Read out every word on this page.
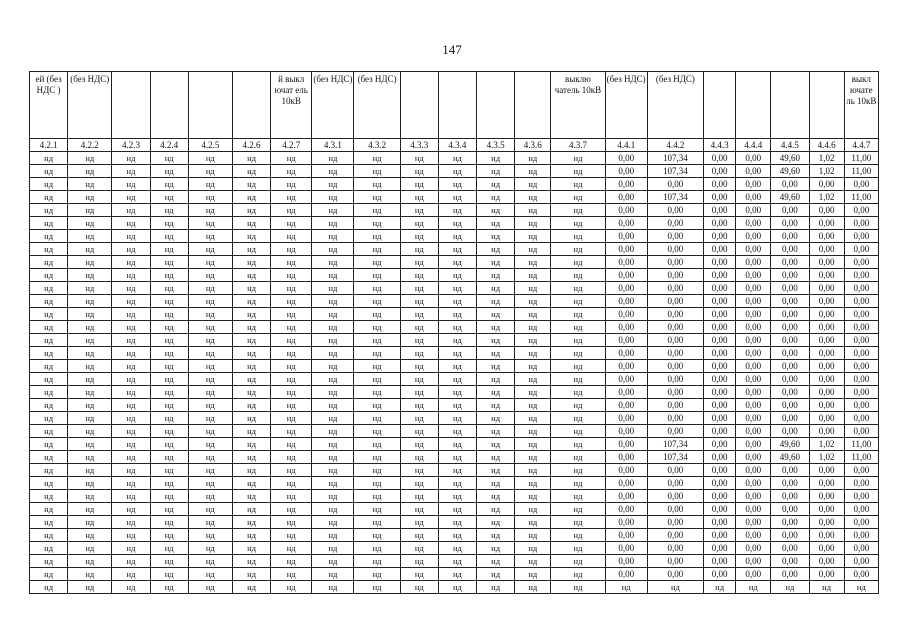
147
ей (без НДС )	(без НДС)					й выкл ючат ель 10кВ	(без НДС)	(без НДС)					выклю чатель 10кВ	(без НДС)	(без НДС)					выкл ючате ль 10кВ
4.2.1	4.2.2	4.2.3	4.2.4	4.2.5	4.2.6	4.2.7	4.3.1	4.3.2	4.3.3	4.3.4	4.3.5	4.3.6	4.3.7	4.4.1	4.4.2	4.4.3	4.4.4	4.4.5	4.4.6	4.4.7
нд	нд	нд	нд	нд	нд	нд	нд	нд	нд	нд	нд	нд	нд	0,00	107,34	0,00	0,00	49,60	1,02	11,00
нд	нд	нд	нд	нд	нд	нд	нд	нд	нд	нд	нд	нд	нд	0,00	107,34	0,00	0,00	49,60	1,02	11,00
нд	нд	нд	нд	нд	нд	нд	нд	нд	нд	нд	нд	нд	нд	0,00	0,00	0,00	0,00	0,00	0,00	0,00
нд	нд	нд	нд	нд	нд	нд	нд	нд	нд	нд	нд	нд	нд	0,00	107,34	0,00	0,00	49,60	1,02	11,00
нд	нд	нд	нд	нд	нд	нд	нд	нд	нд	нд	нд	нд	нд	0,00	0,00	0,00	0,00	0,00	0,00	0,00
нд	нд	нд	нд	нд	нд	нд	нд	нд	нд	нд	нд	нд	нд	0,00	0,00	0,00	0,00	0,00	0,00	0,00
нд	нд	нд	нд	нд	нд	нд	нд	нд	нд	нд	нд	нд	нд	0,00	0,00	0,00	0,00	0,00	0,00	0,00
нд	нд	нд	нд	нд	нд	нд	нд	нд	нд	нд	нд	нд	нд	0,00	0,00	0,00	0,00	0,00	0,00	0,00
нд	нд	нд	нд	нд	нд	нд	нд	нд	нд	нд	нд	нд	нд	0,00	0,00	0,00	0,00	0,00	0,00	0,00
нд	нд	нд	нд	нд	нд	нд	нд	нд	нд	нд	нд	нд	нд	0,00	0,00	0,00	0,00	0,00	0,00	0,00
нд	нд	нд	нд	нд	нд	нд	нд	нд	нд	нд	нд	нд	нд	0,00	0,00	0,00	0,00	0,00	0,00	0,00
нд	нд	нд	нд	нд	нд	нд	нд	нд	нд	нд	нд	нд	нд	0,00	0,00	0,00	0,00	0,00	0,00	0,00
нд	нд	нд	нд	нд	нд	нд	нд	нд	нд	нд	нд	нд	нд	0,00	0,00	0,00	0,00	0,00	0,00	0,00
нд	нд	нд	нд	нд	нд	нд	нд	нд	нд	нд	нд	нд	нд	0,00	0,00	0,00	0,00	0,00	0,00	0,00
нд	нд	нд	нд	нд	нд	нд	нд	нд	нд	нд	нд	нд	нд	0,00	0,00	0,00	0,00	0,00	0,00	0,00
нд	нд	нд	нд	нд	нд	нд	нд	нд	нд	нд	нд	нд	нд	0,00	0,00	0,00	0,00	0,00	0,00	0,00
нд	нд	нд	нд	нд	нд	нд	нд	нд	нд	нд	нд	нд	нд	0,00	0,00	0,00	0,00	0,00	0,00	0,00
нд	нд	нд	нд	нд	нд	нд	нд	нд	нд	нд	нд	нд	нд	0,00	0,00	0,00	0,00	0,00	0,00	0,00
нд	нд	нд	нд	нд	нд	нд	нд	нд	нд	нд	нд	нд	нд	0,00	0,00	0,00	0,00	0,00	0,00	0,00
нд	нд	нд	нд	нд	нд	нд	нд	нд	нд	нд	нд	нд	нд	0,00	0,00	0,00	0,00	0,00	0,00	0,00
нд	нд	нд	нд	нд	нд	нд	нд	нд	нд	нд	нд	нд	нд	0,00	0,00	0,00	0,00	0,00	0,00	0,00
нд	нд	нд	нд	нд	нд	нд	нд	нд	нд	нд	нд	нд	нд	0,00	0,00	0,00	0,00	0,00	0,00	0,00
нд	нд	нд	нд	нд	нд	нд	нд	нд	нд	нд	нд	нд	нд	0,00	107,34	0,00	0,00	49,60	1,02	11,00
нд	нд	нд	нд	нд	нд	нд	нд	нд	нд	нд	нд	нд	нд	0,00	107,34	0,00	0,00	49,60	1,02	11,00
нд	нд	нд	нд	нд	нд	нд	нд	нд	нд	нд	нд	нд	нд	0,00	0,00	0,00	0,00	0,00	0,00	0,00
нд	нд	нд	нд	нд	нд	нд	нд	нд	нд	нд	нд	нд	нд	0,00	0,00	0,00	0,00	0,00	0,00	0,00
нд	нд	нд	нд	нд	нд	нд	нд	нд	нд	нд	нд	нд	нд	0,00	0,00	0,00	0,00	0,00	0,00	0,00
нд	нд	нд	нд	нд	нд	нд	нд	нд	нд	нд	нд	нд	нд	0,00	0,00	0,00	0,00	0,00	0,00	0,00
нд	нд	нд	нд	нд	нд	нд	нд	нд	нд	нд	нд	нд	нд	0,00	0,00	0,00	0,00	0,00	0,00	0,00
нд	нд	нд	нд	нд	нд	нд	нд	нд	нд	нд	нд	нд	нд	0,00	0,00	0,00	0,00	0,00	0,00	0,00
нд	нд	нд	нд	нд	нд	нд	нд	нд	нд	нд	нд	нд	нд	0,00	0,00	0,00	0,00	0,00	0,00	0,00
нд	нд	нд	нд	нд	нд	нд	нд	нд	нд	нд	нд	нд	нд	0,00	0,00	0,00	0,00	0,00	0,00	0,00
нд	нд	нд	нд	нд	нд	нд	нд	нд	нд	нд	нд	нд	нд	0,00	0,00	0,00	0,00	0,00	0,00	0,00
нд	нд	нд	нд	нд	нд	нд	нд	нд	нд	нд	нд	нд	нд	нд	нд	нд	нд	нд	нд	нд
